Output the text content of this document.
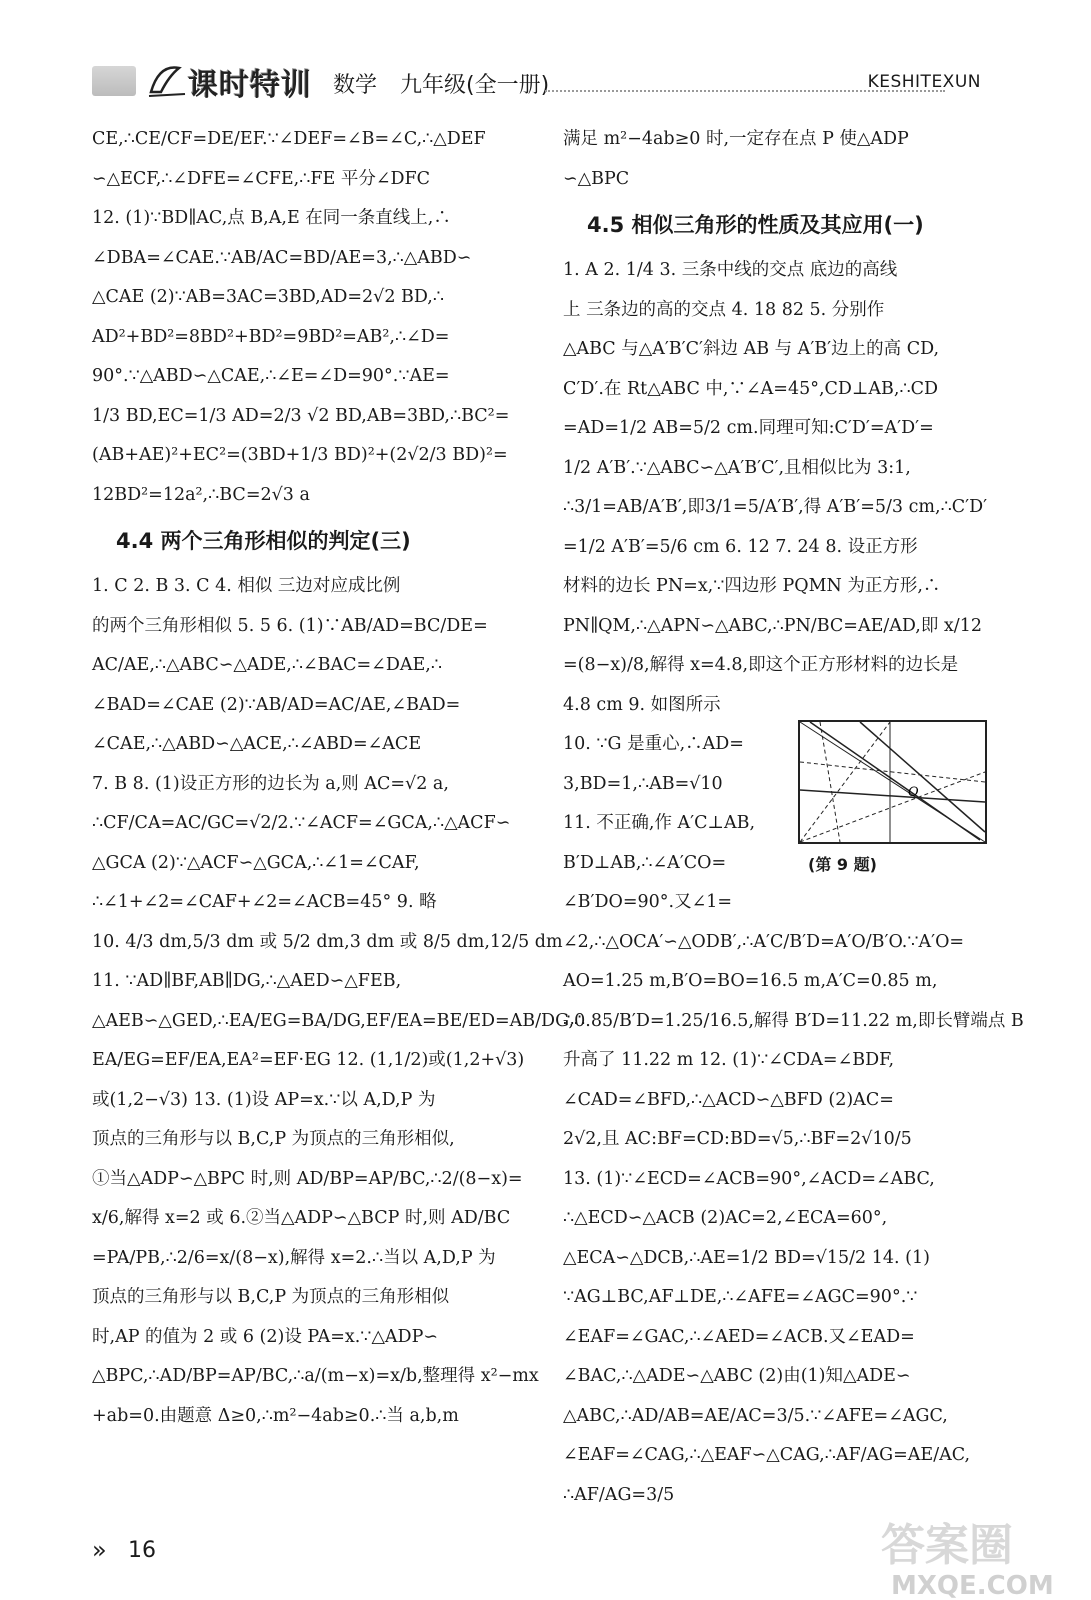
课时特训 数学 九年级(全一册)	KESHITEXUN
CE,∴CE/CF=DE/EF.∵∠DEF=∠B=∠C,∴△DEF
∽△ECF,∴∠DFE=∠CFE,∴FE 平分∠DFC
12. (1)∵BD∥AC,点 B,A,E 在同一条直线上,∴
∠DBA=∠CAE.∵AB/AC=BD/AE=3,∴△ABD∽
△CAE (2)∵AB=3AC=3BD,AD=2√2 BD,∴
AD²+BD²=8BD²+BD²=9BD²=AB²,∴∠D=
90°.∵△ABD∽△CAE,∴∠E=∠D=90°.∵AE=
1/3 BD,EC=1/3 AD=2/3 √2 BD,AB=3BD,∴BC²=
(AB+AE)²+EC²=(3BD+1/3 BD)²+(2√2/3 BD)²=
12BD²=12a²,∴BC=2√3 a
4.4 两个三角形相似的判定(三)
1. C 2. B 3. C 4. 相似 三边对应成比例
的两个三角形相似 5. 5 6. (1)∵AB/AD=BC/DE=
AC/AE,∴△ABC∽△ADE,∴∠BAC=∠DAE,∴
∠BAD=∠CAE (2)∵AB/AD=AC/AE,∠BAD=
∠CAE,∴△ABD∽△ACE,∴∠ABD=∠ACE
7. B 8. (1)设正方形的边长为 a,则 AC=√2 a,
∴CF/CA=AC/GC=√2/2.∵∠ACF=∠GCA,∴△ACF∽
△GCA (2)∵△ACF∽△GCA,∴∠1=∠CAF,
∴∠1+∠2=∠CAF+∠2=∠ACB=45° 9. 略
10. 4/3 dm,5/3 dm 或 5/2 dm,3 dm 或 8/5 dm,12/5 dm
11. ∵AD∥BF,AB∥DG,∴△AED∽△FEB,
△AEB∽△GED,∴EA/EG=BA/DG,EF/EA=BE/ED=AB/DG,∴
EA/EG=EF/EA,EA²=EF·EG 12. (1,1/2)或(1,2+√3)
或(1,2−√3) 13. (1)设 AP=x.∵以 A,D,P 为
顶点的三角形与以 B,C,P 为顶点的三角形相似,
①当△ADP∽△BPC 时,则 AD/BP=AP/BC,∴2/(8−x)=
x/6,解得 x=2 或 6.②当△ADP∽△BCP 时,则 AD/BC
=PA/PB,∴2/6=x/(8−x),解得 x=2.∴当以 A,D,P 为
顶点的三角形与以 B,C,P 为顶点的三角形相似
时,AP 的值为 2 或 6 (2)设 PA=x.∵△ADP∽
△BPC,∴AD/BP=AP/BC,∴a/(m−x)=x/b,整理得 x²−mx
+ab=0.由题意 Δ≥0,∴m²−4ab≥0.∴当 a,b,m
满足 m²−4ab≥0 时,一定存在点 P 使△ADP
∽△BPC
4.5 相似三角形的性质及其应用(一)
1. A 2. 1/4 3. 三条中线的交点 底边的高线
上 三条边的高的交点 4. 18 82 5. 分别作
△ABC 与△A′B′C′斜边 AB 与 A′B′边上的高 CD,
C′D′.在 Rt△ABC 中,∵∠A=45°,CD⊥AB,∴CD
=AD=1/2 AB=5/2 cm.同理可知:C′D′=A′D′=
1/2 A′B′.∵△ABC∽△A′B′C′,且相似比为 3:1,
∴3/1=AB/A′B′,即3/1=5/A′B′,得 A′B′=5/3 cm,∴C′D′
=1/2 A′B′=5/6 cm 6. 12 7. 24 8. 设正方形
材料的边长 PN=x,∵四边形 PQMN 为正方形,∴
PN∥QM,∴△APN∽△ABC,∴PN/BC=AE/AD,即 x/12
=(8−x)/8,解得 x=4.8,即这个正方形材料的边长是
4.8 cm 9. 如图所示
10. ∵G 是重心,∴AD=
3,BD=1,∴AB=√10
11. 不正确,作 A′C⊥AB,
B′D⊥AB,∴∠A′CO=
∠B′DO=90°.又∠1=
∠2,∴△OCA′∽△ODB′,∴A′C/B′D=A′O/B′O.∵A′O=
AO=1.25 m,B′O=BO=16.5 m,A′C=0.85 m,
∴0.85/B′D=1.25/16.5,解得 B′D=11.22 m,即长臂端点 B
升高了 11.22 m 12. (1)∵∠CDA=∠BDF,
∠CAD=∠BFD,∴△ACD∽△BFD (2)AC=
2√2,且 AC:BF=CD:BD=√5,∴BF=2√10/5
13. (1)∵∠ECD=∠ACB=90°,∠ACD=∠ABC,
∴△ECD∽△ACB (2)AC=2,∠ECA=60°,
△ECA∽△DCB,∴AE=1/2 BD=√15/2 14. (1)
∵AG⊥BC,AF⊥DE,∴∠AFE=∠AGC=90°.∵
∠EAF=∠GAC,∴∠AED=∠ACB.又∠EAD=
∠BAC,∴△ADE∽△ABC (2)由(1)知△ADE∽
△ABC,∴AD/AB=AE/AC=3/5.∵∠AFE=∠AGC,
∠EAF=∠CAG,∴△EAF∽△CAG,∴AF/AG=AE/AC,
∴AF/AG=3/5
O
(第 9 题)
» 16	答案圈
MXQE.COM
